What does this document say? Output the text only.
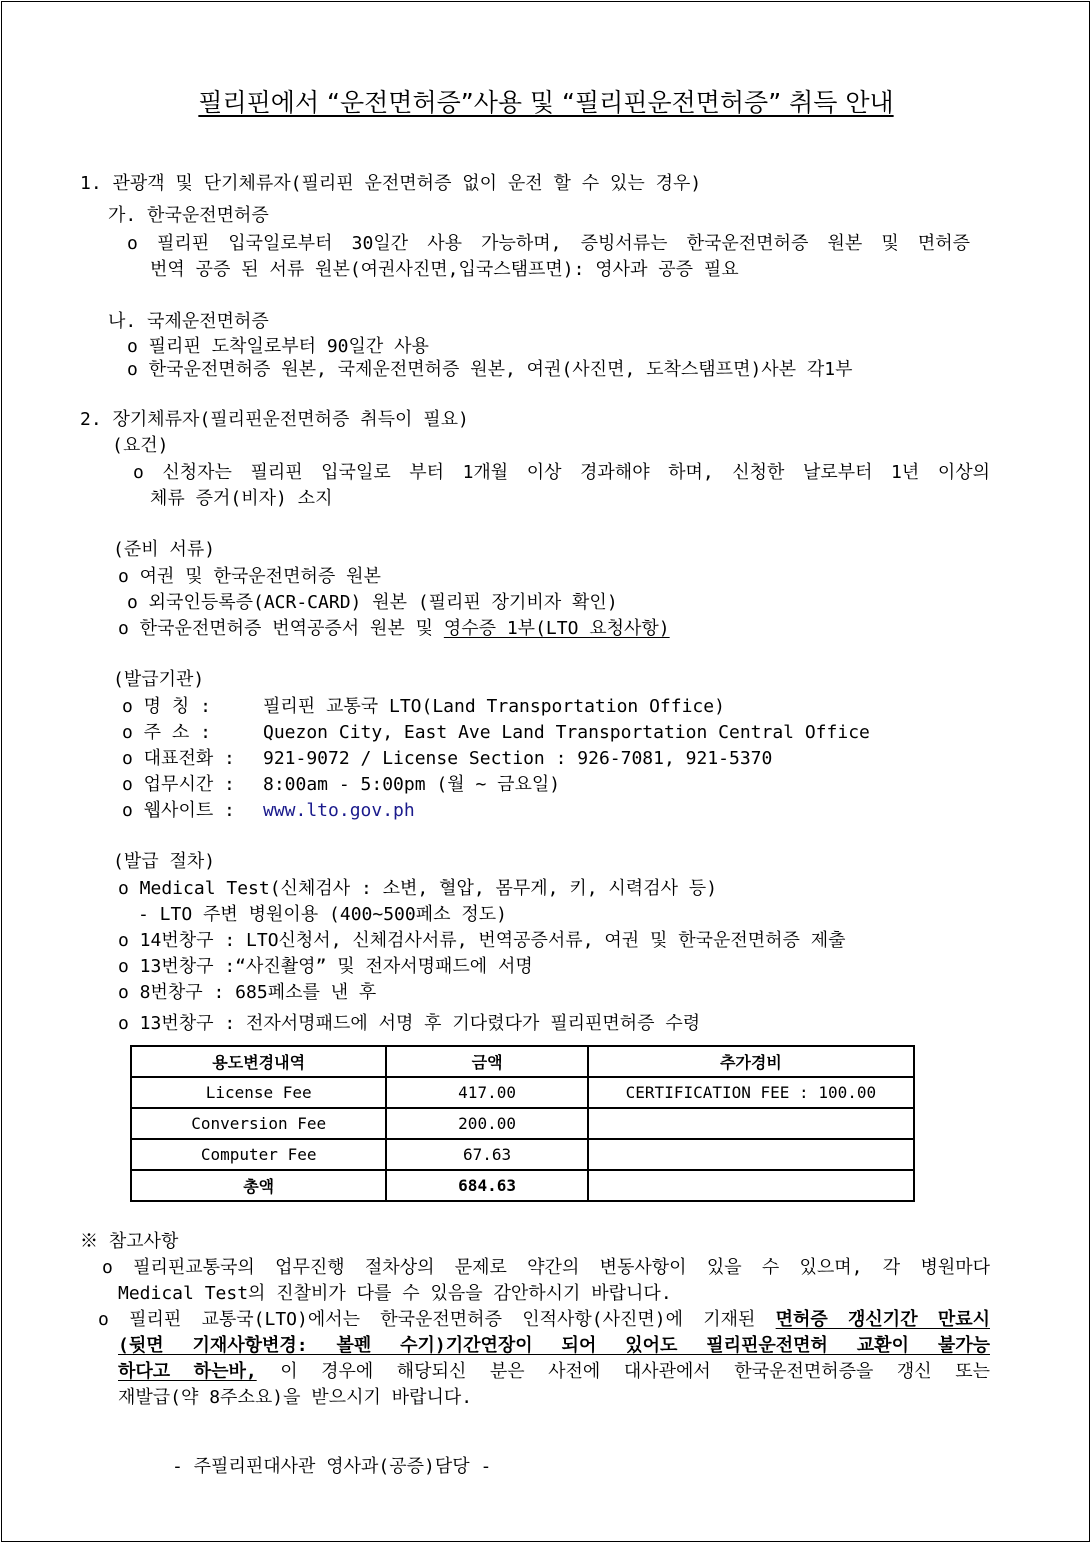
필리핀에서 “운전면허증”사용 및 “필리핀운전면허증” 취득 안내
1. 관광객 및 단기체류자(필리핀 운전면허증 없이 운전 할 수 있는 경우)
가. 한국운전면허증
o 필리핀 입국일로부터 30일간 사용 가능하며, 증빙서류는 한국운전면허증 원본 및 면허증
번역 공증 된 서류 원본(여권사진면,입국스탬프면): 영사과 공증 필요
나. 국제운전면허증
o 필리핀 도착일로부터 90일간 사용
o 한국운전면허증 원본, 국제운전면허증 원본, 여권(사진면, 도착스탬프면)사본 각1부
2. 장기체류자(필리핀운전면허증 취득이 필요)
(요건)
o 신청자는 필리핀 입국일로 부터 1개월 이상 경과해야 하며, 신청한 날로부터 1년 이상의
체류 증거(비자) 소지
(준비 서류)
o 여권 및 한국운전면허증 원본
o 외국인등록증(ACR-CARD) 원본 (필리핀 장기비자 확인)
o 한국운전면허증 번역공증서 원본 및 영수증 1부(LTO 요청사항)
(발급기관)
o 명 칭 :	필리핀 교통국 LTO(Land Transportation Office)
o 주 소 :	Quezon City, East Ave Land Transportation Central Office
o 대표전화 : 921-9072 / License Section : 926-7081, 921-5370
o 업무시간 : 8:00am - 5:00pm (월 ~ 금요일)
o 웹사이트 : www.lto.gov.ph
(발급 절차)
o Medical Test(신체검사 : 소변, 혈압, 몸무게, 키, 시력검사 등)
- LTO 주변 병원이용 (400~500페소 정도)
o 14번창구 : LTO신청서, 신체검사서류, 번역공증서류, 여권 및 한국운전면허증 제출
o 13번창구 :“사진촬영” 및 전자서명패드에 서명
o 8번창구 : 685페소를 낸 후
o 13번창구 : 전자서명패드에 서명 후 기다렸다가 필리핀면허증 수령
용도변경내역	금액	추가경비
License Fee	417.00	CERTIFICATION FEE : 100.00
Conversion Fee	200.00	
Computer Fee	67.63	
총액	684.63	
※ 참고사항
o 필리핀교통국의 업무진행 절차상의 문제로 약간의 변동사항이 있을 수 있으며, 각 병원마다
Medical Test의 진찰비가 다를 수 있음을 감안하시기 바랍니다.
o 필리핀 교통국(LTO)에서는 한국운전면허증 인적사항(사진면)에 기재된 면허증 갱신기간 만료시
(뒷면 기재사항변경: 볼펜 수기)기간연장이 되어 있어도 필리핀운전면허 교환이 불가능
하다고 하는바, 이 경우에 해당되신 분은 사전에 대사관에서 한국운전면허증을 갱신 또는
재발급(약 8주소요)을 받으시기 바랍니다.
- 주필리핀대사관 영사과(공증)담당 -
